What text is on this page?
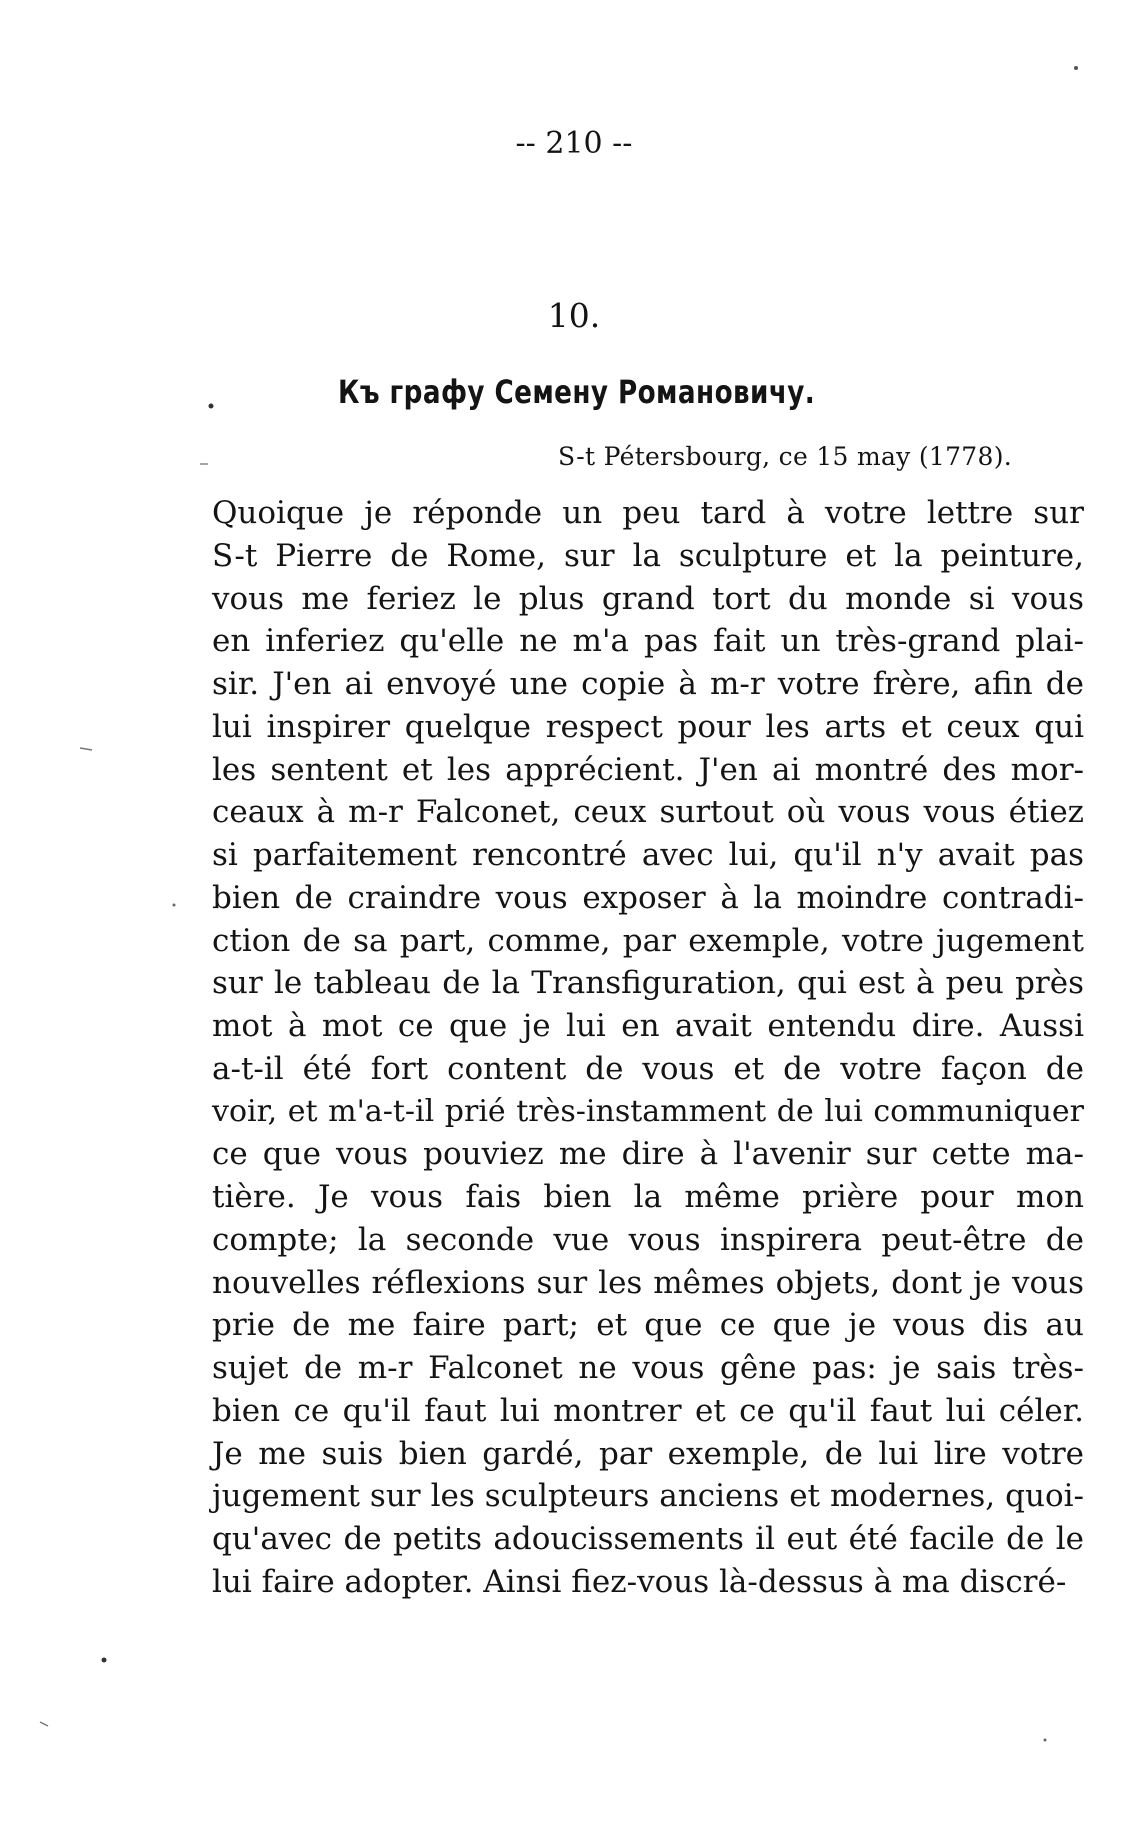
-- 210 --
10.
Къ графу Семену Романовичу.
S-t Pétersbourg, ce 15 may (1778).
Quoique je réponde un peu tard à votre lettre sur
S-t Pierre de Rome, sur la sculpture et la peinture,
vous me feriez le plus grand tort du monde si vous
en inferiez qu'elle ne m'a pas fait un très-grand plai-
sir. J'en ai envoyé une copie à m-r votre frère, afin de
lui inspirer quelque respect pour les arts et ceux qui
les sentent et les apprécient. J'en ai montré des mor-
ceaux à m-r Falconet, ceux surtout où vous vous étiez
si parfaitement rencontré avec lui, qu'il n'y avait pas
bien de craindre vous exposer à la moindre contradi-
ction de sa part, comme, par exemple, votre jugement
sur le tableau de la Transfiguration, qui est à peu près
mot à mot ce que je lui en avait entendu dire. Aussi
a-t-il été fort content de vous et de votre façon de
voir, et m'a-t-il prié très-instamment de lui communiquer
ce que vous pouviez me dire à l'avenir sur cette ma-
tière. Je vous fais bien la même prière pour mon
compte; la seconde vue vous inspirera peut-être de
nouvelles réflexions sur les mêmes objets, dont je vous
prie de me faire part; et que ce que je vous dis au
sujet de m-r Falconet ne vous gêne pas: je sais très-
bien ce qu'il faut lui montrer et ce qu'il faut lui céler.
Je me suis bien gardé, par exemple, de lui lire votre
jugement sur les sculpteurs anciens et modernes, quoi-
qu'avec de petits adoucissements il eut été facile de le
lui faire adopter. Ainsi fiez-vous là-dessus à ma discré-
